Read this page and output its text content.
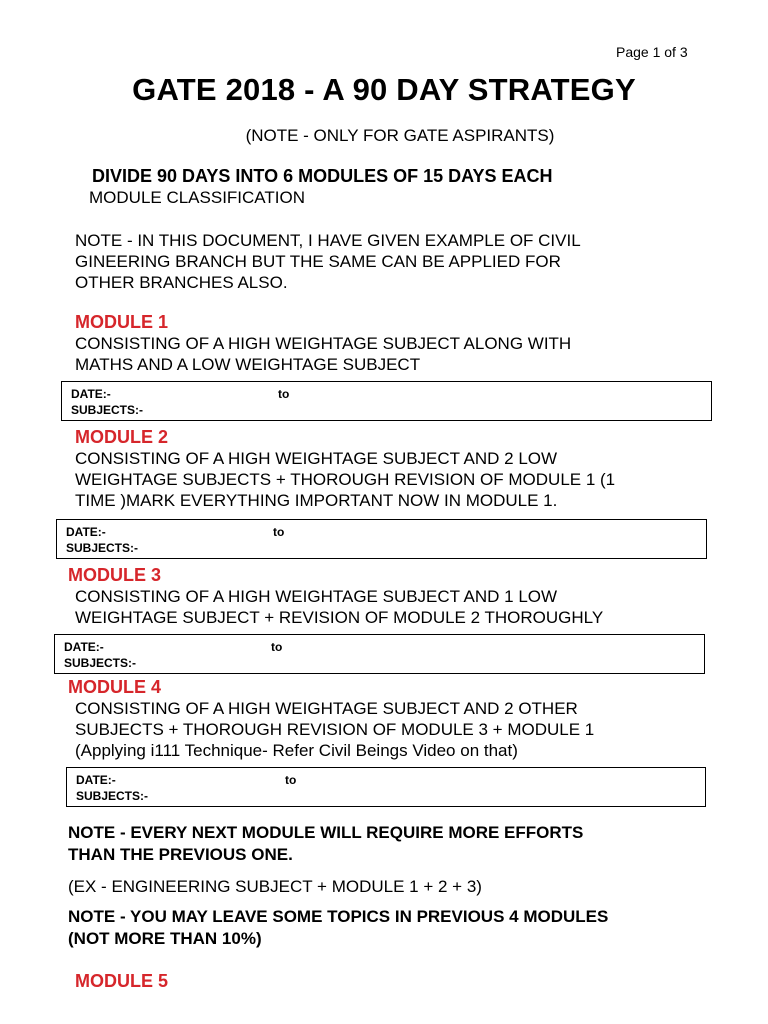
Page 1 of 3
GATE 2018 - A 90 DAY STRATEGY
(NOTE - ONLY FOR GATE ASPIRANTS)
DIVIDE 90 DAYS INTO 6 MODULES OF 15 DAYS EACH
MODULE CLASSIFICATION
NOTE - IN THIS DOCUMENT, I HAVE GIVEN EXAMPLE OF CIVIL
GINEERING BRANCH BUT THE SAME CAN BE APPLIED FOR
OTHER BRANCHES ALSO.
MODULE 1
CONSISTING OF A HIGH WEIGHTAGE SUBJECT ALONG WITH
MATHS AND A LOW WEIGHTAGE SUBJECT
DATE:-	to
SUBJECTS:-
MODULE 2
CONSISTING OF A HIGH WEIGHTAGE SUBJECT AND 2 LOW
WEIGHTAGE SUBJECTS + THOROUGH REVISION OF MODULE 1 (1
TIME )MARK EVERYTHING IMPORTANT NOW IN MODULE 1.
DATE:-	to
SUBJECTS:-
MODULE 3
CONSISTING OF A HIGH WEIGHTAGE SUBJECT AND 1 LOW
WEIGHTAGE SUBJECT + REVISION OF MODULE 2 THOROUGHLY
DATE:-	to
SUBJECTS:-
MODULE 4
CONSISTING OF A HIGH WEIGHTAGE SUBJECT AND 2 OTHER
SUBJECTS + THOROUGH REVISION OF MODULE 3 + MODULE 1
(Applying i111 Technique- Refer Civil Beings Video on that)
DATE:-	to
SUBJECTS:-
NOTE - EVERY NEXT MODULE WILL REQUIRE MORE EFFORTS
THAN THE PREVIOUS ONE.
(EX - ENGINEERING SUBJECT + MODULE 1 + 2 + 3)
NOTE - YOU MAY LEAVE SOME TOPICS IN PREVIOUS 4 MODULES
(NOT MORE THAN 10%)
MODULE 5
